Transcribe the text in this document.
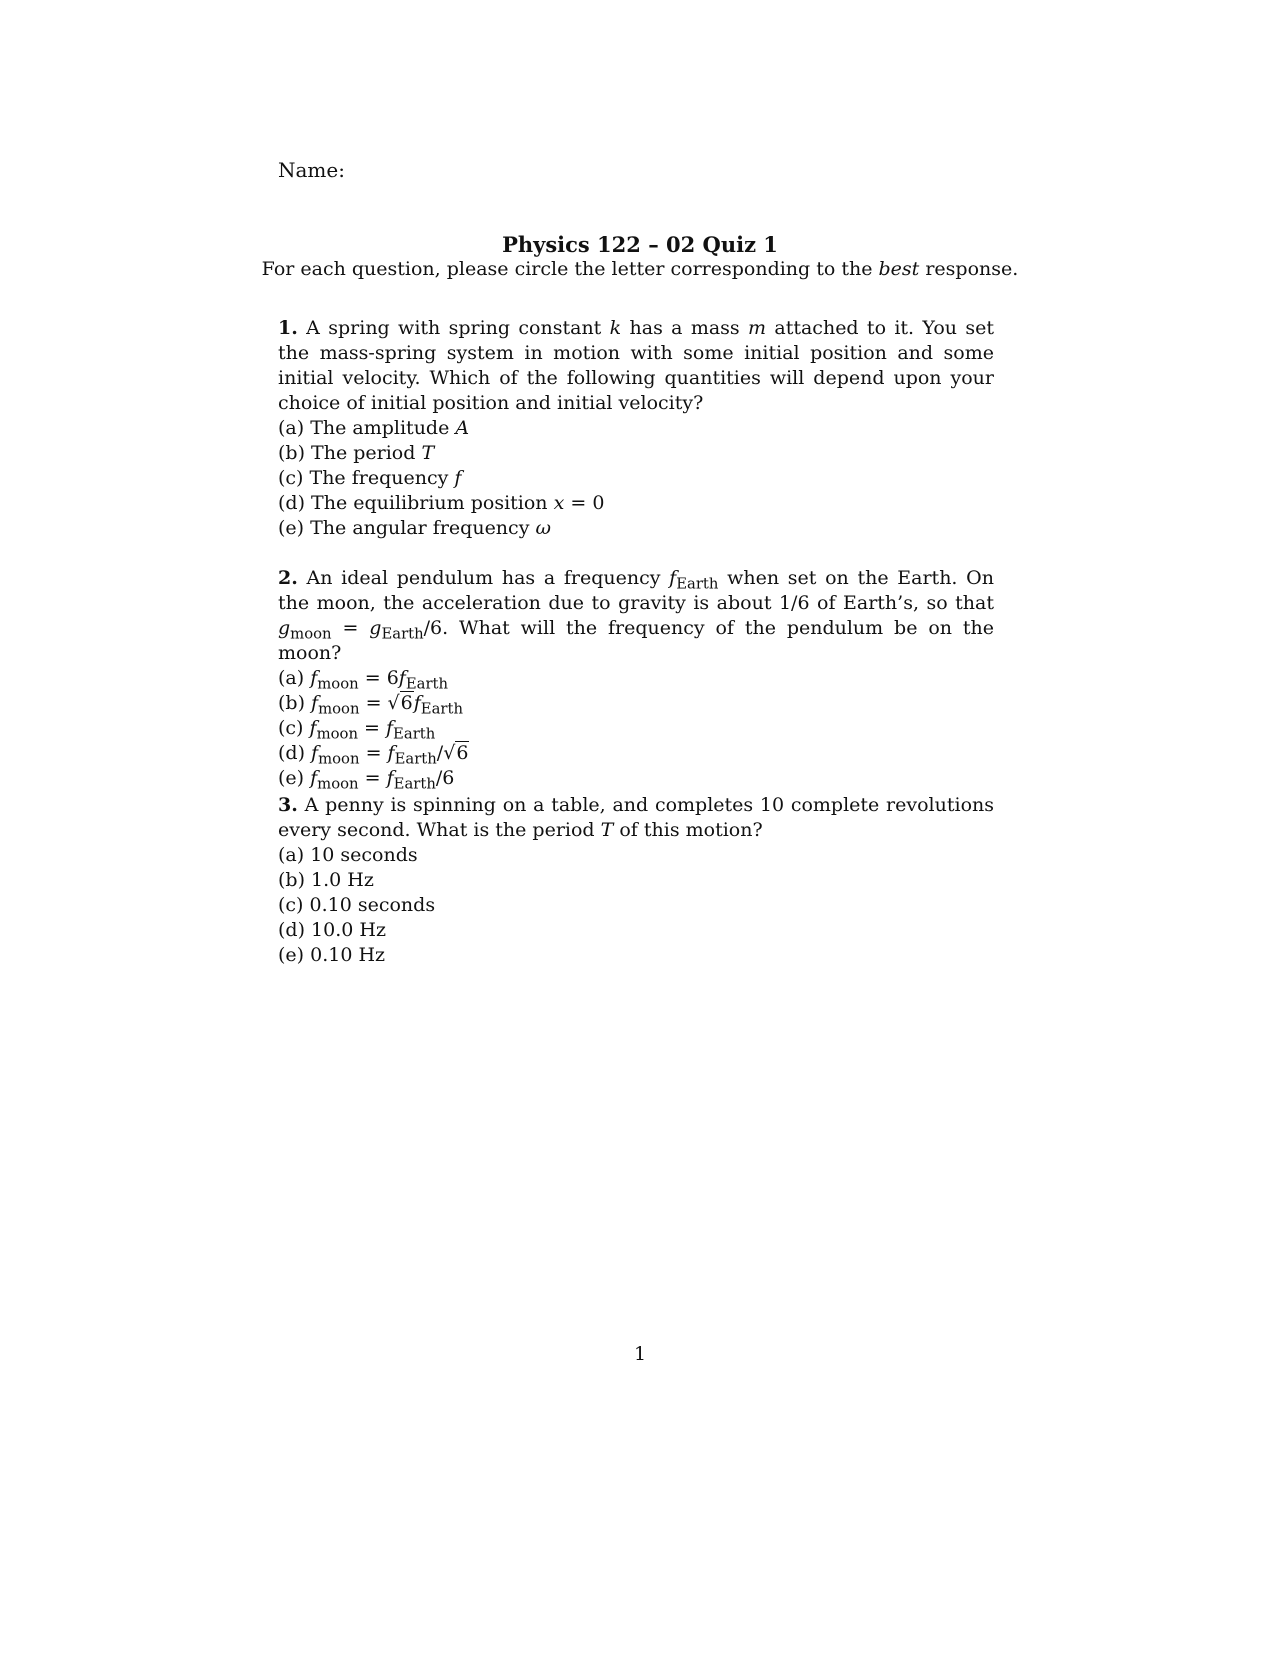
Name:
Physics 122 – 02 Quiz 1
For each question, please circle the letter corresponding to the best response.
1. A spring with spring constant k has a mass m attached to it. You set the mass-spring system in motion with some initial position and some initial velocity. Which of the following quantities will depend upon your choice of initial position and initial velocity?
(a) The amplitude A
(b) The period T
(c) The frequency f
(d) The equilibrium position x = 0
(e) The angular frequency ω
2. An ideal pendulum has a frequency $f_{Earth}$ when set on the Earth. On the moon, the acceleration due to gravity is about 1/6 of Earth’s, so that $g_{moon} = g_{Earth}/6$. What will the frequency of the pendulum be on the moon?
(a) $f_{moon} = 6f_{Earth}$
(b) $f_{moon} = √6f_{Earth}$
(c) $f_{moon} = f_{Earth}$
(d) $f_{moon} = f_{Earth}/√6$
(e) $f_{moon} = f_{Earth}/6$
3. A penny is spinning on a table, and completes 10 complete revolutions every second. What is the period T of this motion?
(a) 10 seconds
(b) 1.0 Hz
(c) 0.10 seconds
(d) 10.0 Hz
(e) 0.10 Hz
1
